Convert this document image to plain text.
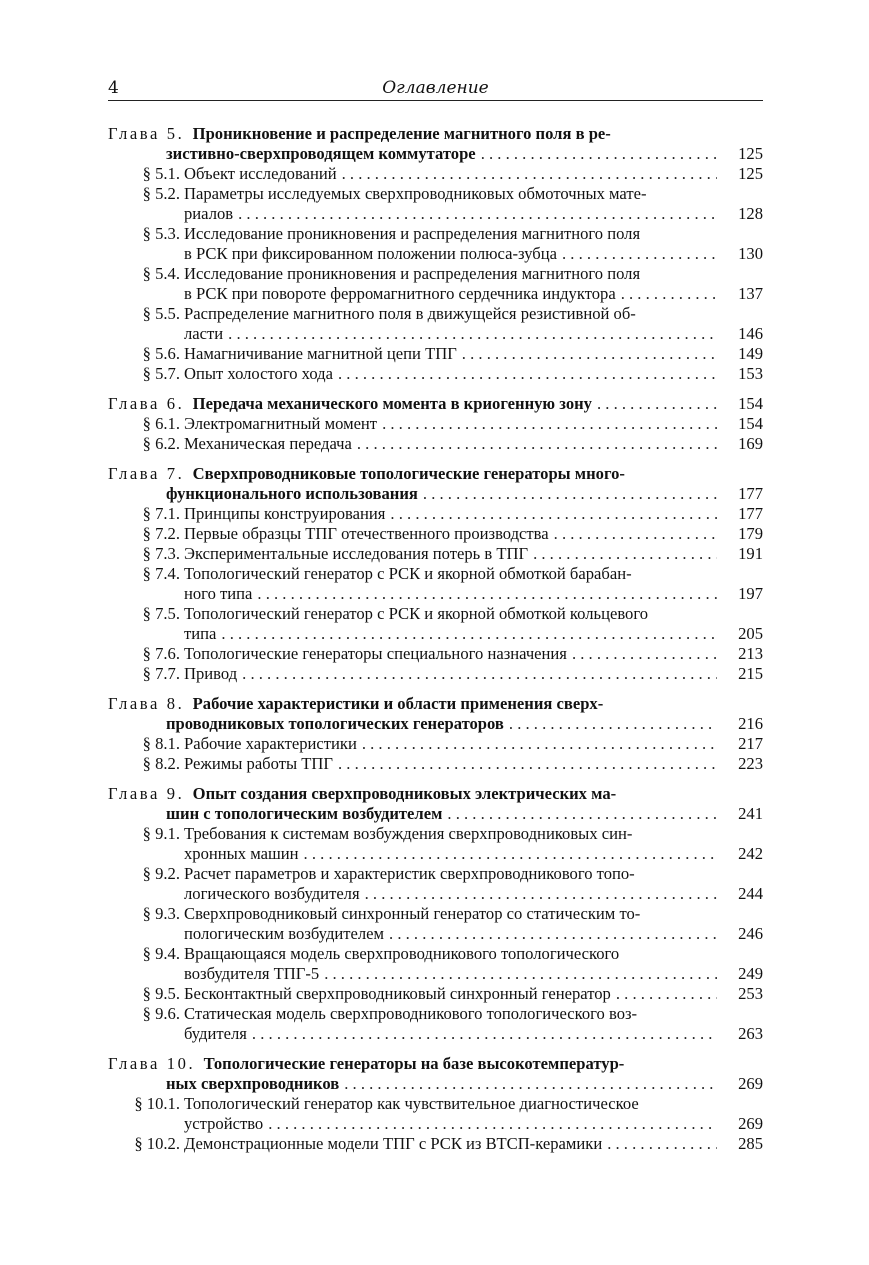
4	Оглавление
Глава 5.  Проникновение и распределение магнитного поля в ре-
зистивно-сверхпроводящем коммутаторе . . .	125
§ 5.1. Объект исследований . . .	125
§ 5.2. Параметры исследуемых сверхпроводниковых обмоточных мате-
риалов . . .	128
§ 5.3. Исследование проникновения и распределения магнитного поля
в РСК при фиксированном положении полюса-зубца . . .	130
§ 5.4. Исследование проникновения и распределения магнитного поля
в РСК при повороте ферромагнитного сердечника индуктора . . .	137
§ 5.5. Распределение магнитного поля в движущейся резистивной об-
ласти . . .	146
§ 5.6. Намагничивание магнитной цепи ТПГ . . .	149
§ 5.7. Опыт холостого хода . . .	153
Глава 6.
  Передача механического момента в криогенную зону . . .	154
§ 6.1. Электромагнитный момент . . .	154
§ 6.2. Механическая передача . . .	169
Глава 7.  Сверхпроводниковые топологические генераторы много-
функционального использования . . .	177
§ 7.1. Принципы конструирования . . .	177
§ 7.2. Первые образцы ТПГ отечественного производства . . .	179
§ 7.3. Экспериментальные исследования потерь в ТПГ . . .	191
§ 7.4. Топологический генератор с РСК и якорной обмоткой барабан-
ного типа . . .	197
§ 7.5. Топологический генератор с РСК и якорной обмоткой кольцевого
типа . . .	205
§ 7.6. Топологические генераторы специального назначения . . .	213
§ 7.7. Привод . . .	215
Глава 8.  Рабочие характеристики и области применения сверх-
проводниковых топологических генераторов . . .	216
§ 8.1. Рабочие характеристики . . .	217
§ 8.2. Режимы работы ТПГ . . .	223
Глава 9.  Опыт создания сверхпроводниковых электрических ма-
шин с топологическим возбудителем . . .	241
§ 9.1. Требования к системам возбуждения сверхпроводниковых син-
хронных машин . . .	242
§ 9.2. Расчет параметров и характеристик сверхпроводникового топо-
логического возбудителя . . .	244
§ 9.3. Сверхпроводниковый синхронный генератор со статическим то-
пологическим возбудителем . . .	246
§ 9.4. Вращающаяся модель сверхпроводникового топологического
возбудителя ТПГ-5 . . .	249
§ 9.5. Бесконтактный сверхпроводниковый синхронный генератор . . .	253
§ 9.6. Статическая модель сверхпроводникового топологического воз-
будителя . . .	263
Глава 10.  Топологические генераторы на базе высокотемператур-
ных сверхпроводников . . .	269
§ 10.1. Топологический генератор как чувствительное диагностическое
устройство . . .	269
§ 10.2. Демонстрационные модели ТПГ с РСК из ВТСП-керамики . . .	285
